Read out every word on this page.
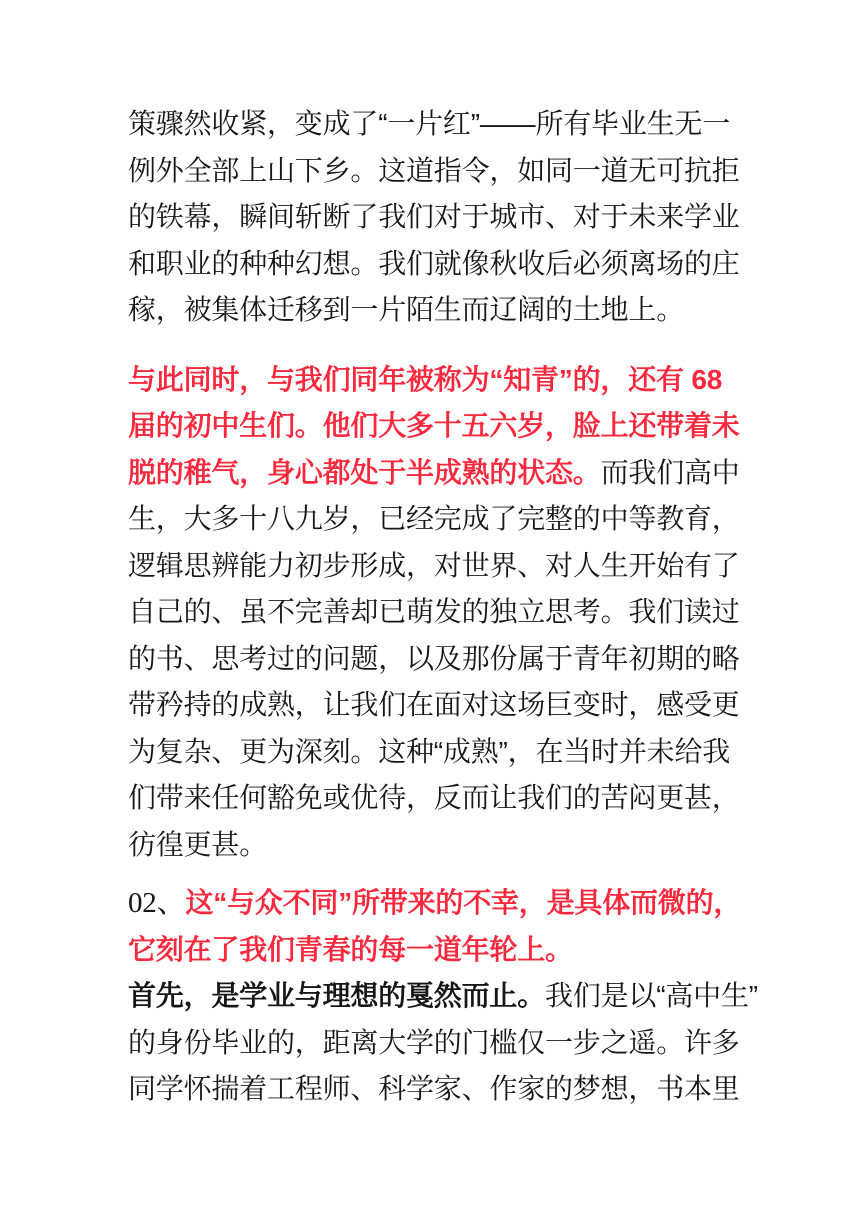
策骤然收紧，变成了“一片红”——所有毕业生无一
例外全部上山下乡。这道指令，如同一道无可抗拒
的铁幕，瞬间斩断了我们对于城市、对于未来学业
和职业的种种幻想。我们就像秋收后必须离场的庄
稼，被集体迁移到一片陌生而辽阔的土地上。
与此同时，与我们同年被称为“知青”的，还有 68
届的初中生们。他们大多十五六岁，脸上还带着未
脱的稚气，身心都处于半成熟的状态。而我们高中
生，大多十八九岁，已经完成了完整的中等教育，
逻辑思辨能力初步形成，对世界、对人生开始有了
自己的、虽不完善却已萌发的独立思考。我们读过
的书、思考过的问题，以及那份属于青年初期的略
带矜持的成熟，让我们在面对这场巨变时，感受更
为复杂、更为深刻。这种“成熟”，在当时并未给我
们带来任何豁免或优待，反而让我们的苦闷更甚，
彷徨更甚。
02、这“与众不同”所带来的不幸，是具体而微的，
它刻在了我们青春的每一道年轮上。
首先，是学业与理想的戛然而止。我们是以“高中生”
的身份毕业的，距离大学的门槛仅一步之遥。许多
同学怀揣着工程师、科学家、作家的梦想，书本里
